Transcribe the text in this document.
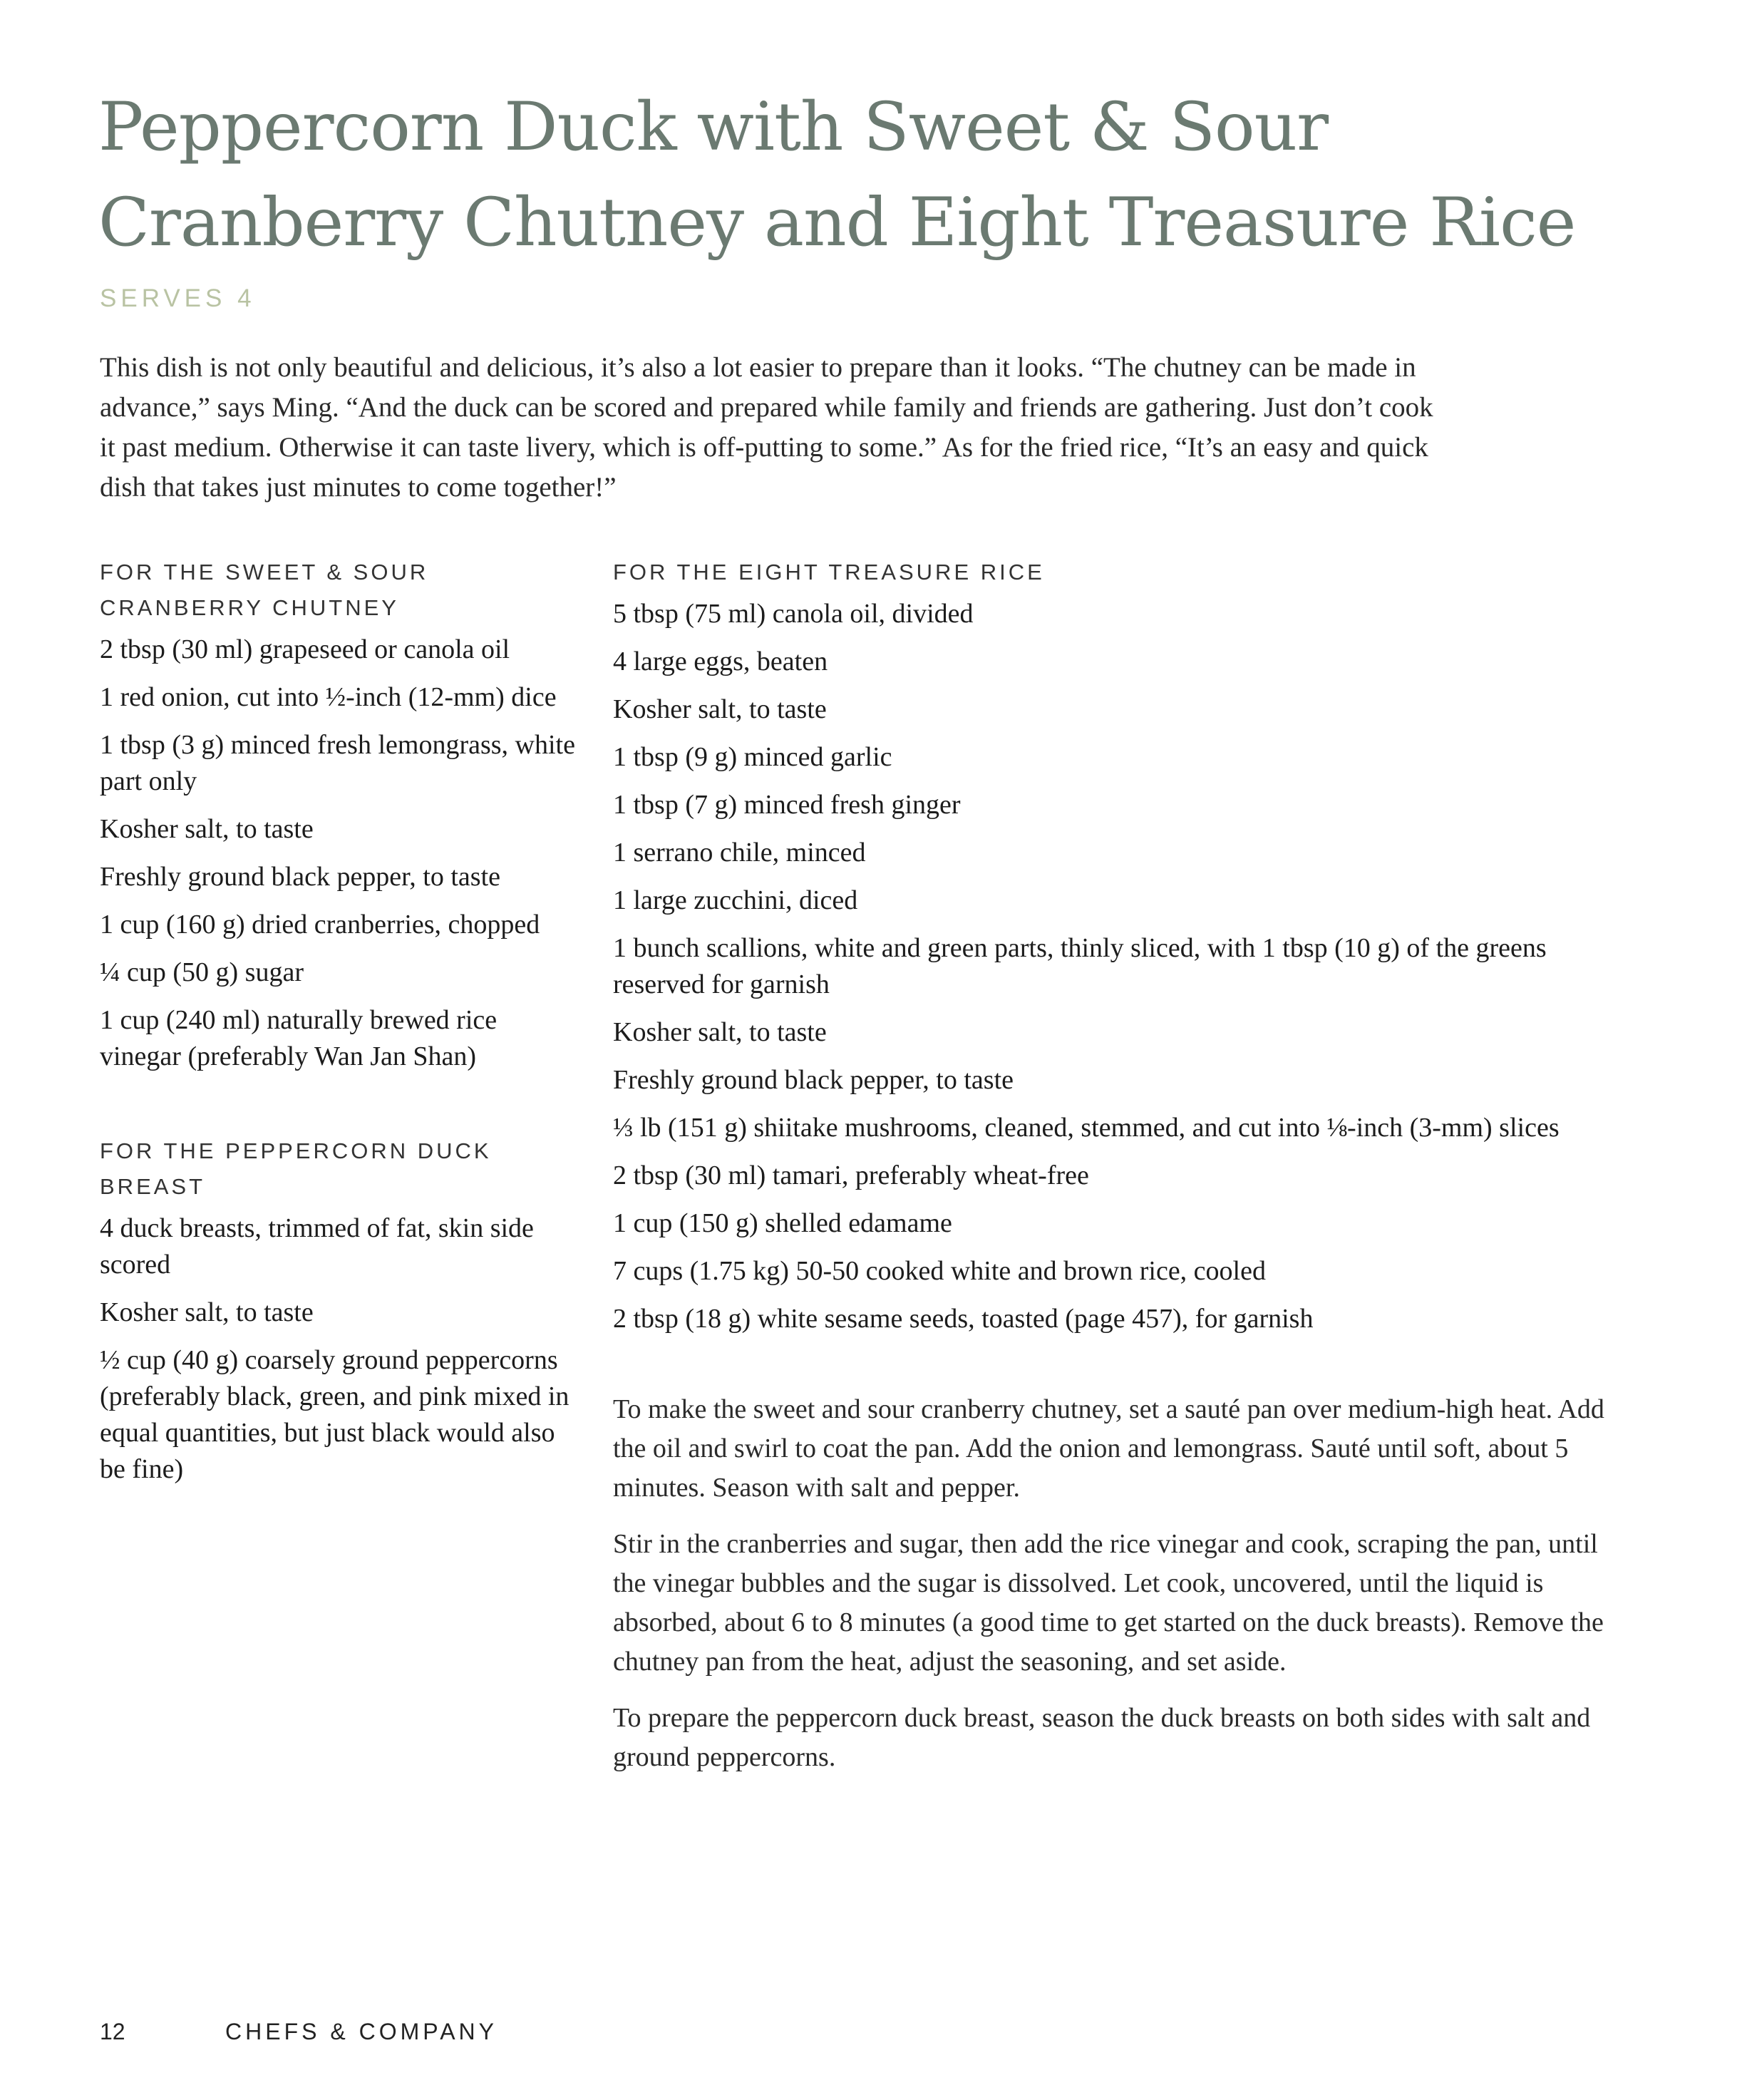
Peppercorn Duck with Sweet & Sour Cranberry Chutney and Eight Treasure Rice
SERVES 4

This dish is not only beautiful and delicious, it’s also a lot easier to prepare than it looks. “The chutney can be made in advance,” says Ming. “And the duck can be scored and prepared while family and friends are gathering. Just don’t cook it past medium. Otherwise it can taste livery, which is off-putting to some.” As for the fried rice, “It’s an easy and quick dish that takes just minutes to come together!”

FOR THE SWEET & SOUR CRANBERRY CHUTNEY
2 tbsp (30 ml) grapeseed or canola oil
1 red onion, cut into ½-inch (12-mm) dice
1 tbsp (3 g) minced fresh lemongrass, white part only
Kosher salt, to taste
Freshly ground black pepper, to taste
1 cup (160 g) dried cranberries, chopped
¼ cup (50 g) sugar
1 cup (240 ml) naturally brewed rice vinegar (preferably Wan Jan Shan)
FOR THE PEPPERCORN DUCK BREAST
4 duck breasts, trimmed of fat, skin side scored
Kosher salt, to taste
½ cup (40 g) coarsely ground peppercorns (preferably black, green, and pink mixed in equal quantities, but just black would also be fine)
FOR THE EIGHT TREASURE RICE
5 tbsp (75 ml) canola oil, divided
4 large eggs, beaten
Kosher salt, to taste
1 tbsp (9 g) minced garlic
1 tbsp (7 g) minced fresh ginger
1 serrano chile, minced
1 large zucchini, diced
1 bunch scallions, white and green parts, thinly sliced, with 1 tbsp (10 g) of the greens reserved for garnish
Kosher salt, to taste
Freshly ground black pepper, to taste
⅓ lb (151 g) shiitake mushrooms, cleaned, stemmed, and cut into ⅛-inch (3-mm) slices
2 tbsp (30 ml) tamari, preferably wheat-free
1 cup (150 g) shelled edamame
7 cups (1.75 kg) 50-50 cooked white and brown rice, cooled
2 tbsp (18 g) white sesame seeds, toasted (page 457), for garnish

To make the sweet and sour cranberry chutney, set a sauté pan over medium-high heat. Add the oil and swirl to coat the pan. Add the onion and lemongrass. Sauté until soft, about 5 minutes. Season with salt and pepper.

Stir in the cranberries and sugar, then add the rice vinegar and cook, scraping the pan, until the vinegar bubbles and the sugar is dissolved. Let cook, uncovered, until the liquid is absorbed, about 6 to 8 minutes (a good time to get started on the duck breasts). Remove the chutney pan from the heat, adjust the seasoning, and set aside.

To prepare the peppercorn duck breast, season the duck breasts on both sides with salt and ground peppercorns.

12	CHEFS & COMPANY
